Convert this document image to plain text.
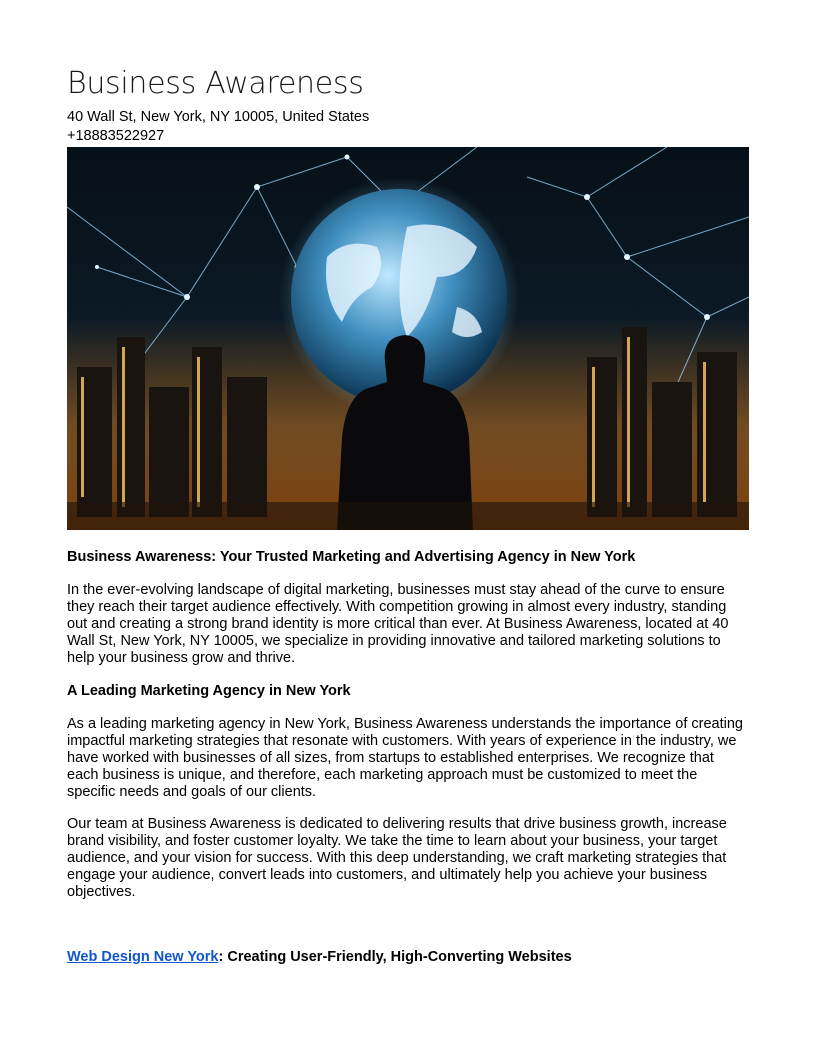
Business Awareness
40 Wall St, New York, NY 10005, United States
+18883522927
Business Awareness: Your Trusted Marketing and Advertising Agency in New York
In the ever-evolving landscape of digital marketing, businesses must stay ahead of the curve to ensure they reach their target audience effectively. With competition growing in almost every industry, standing out and creating a strong brand identity is more critical than ever. At Business Awareness, located at 40 Wall St, New York, NY 10005, we specialize in providing innovative and tailored marketing solutions to help your business grow and thrive.
A Leading Marketing Agency in New York
As a leading marketing agency in New York, Business Awareness understands the importance of creating impactful marketing strategies that resonate with customers. With years of experience in the industry, we have worked with businesses of all sizes, from startups to established enterprises. We recognize that each business is unique, and therefore, each marketing approach must be customized to meet the specific needs and goals of our clients.
Our team at Business Awareness is dedicated to delivering results that drive business growth, increase brand visibility, and foster customer loyalty. We take the time to learn about your business, your target audience, and your vision for success. With this deep understanding, we craft marketing strategies that engage your audience, convert leads into customers, and ultimately help you achieve your business objectives.
Web Design New York: Creating User-Friendly, High-Converting Websites
